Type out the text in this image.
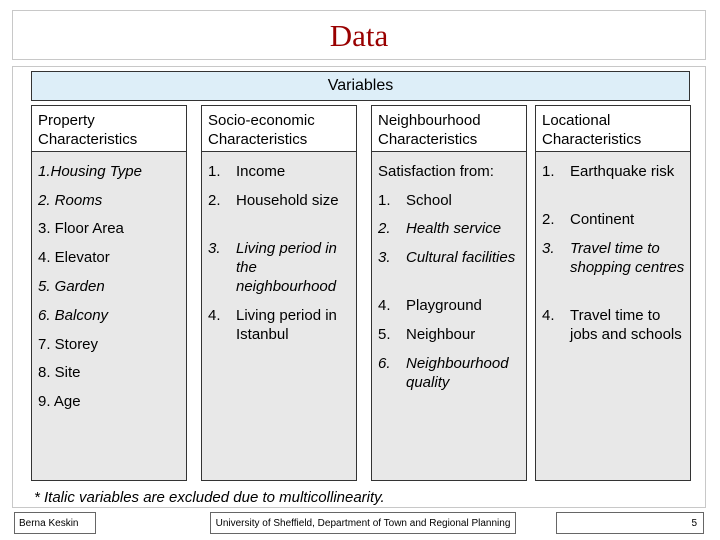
Data
Variables
Property Characteristics
1.Housing Type
2. Rooms
3. Floor Area
4. Elevator
5. Garden
6. Balcony
7. Storey
8. Site
9. Age
Socio-economic Characteristics
1.	Income
2.	Household size
3.	Living period in the neighbourhood
4.	Living period in Istanbul
Neighbourhood Characteristics
Satisfaction from:
1.	School
2.	Health service
3.	Cultural facilities
4.	Playground
5.	Neighbour
6.	Neighbourhood quality
Locational Characteristics
1.	Earthquake risk
2.	Continent
3.	Travel time to shopping centres
4.	Travel time to jobs and schools
* Italic variables are excluded due to multicollinearity.
Berna Keskin	University of Sheffield, Department of Town and Regional Planning	5
